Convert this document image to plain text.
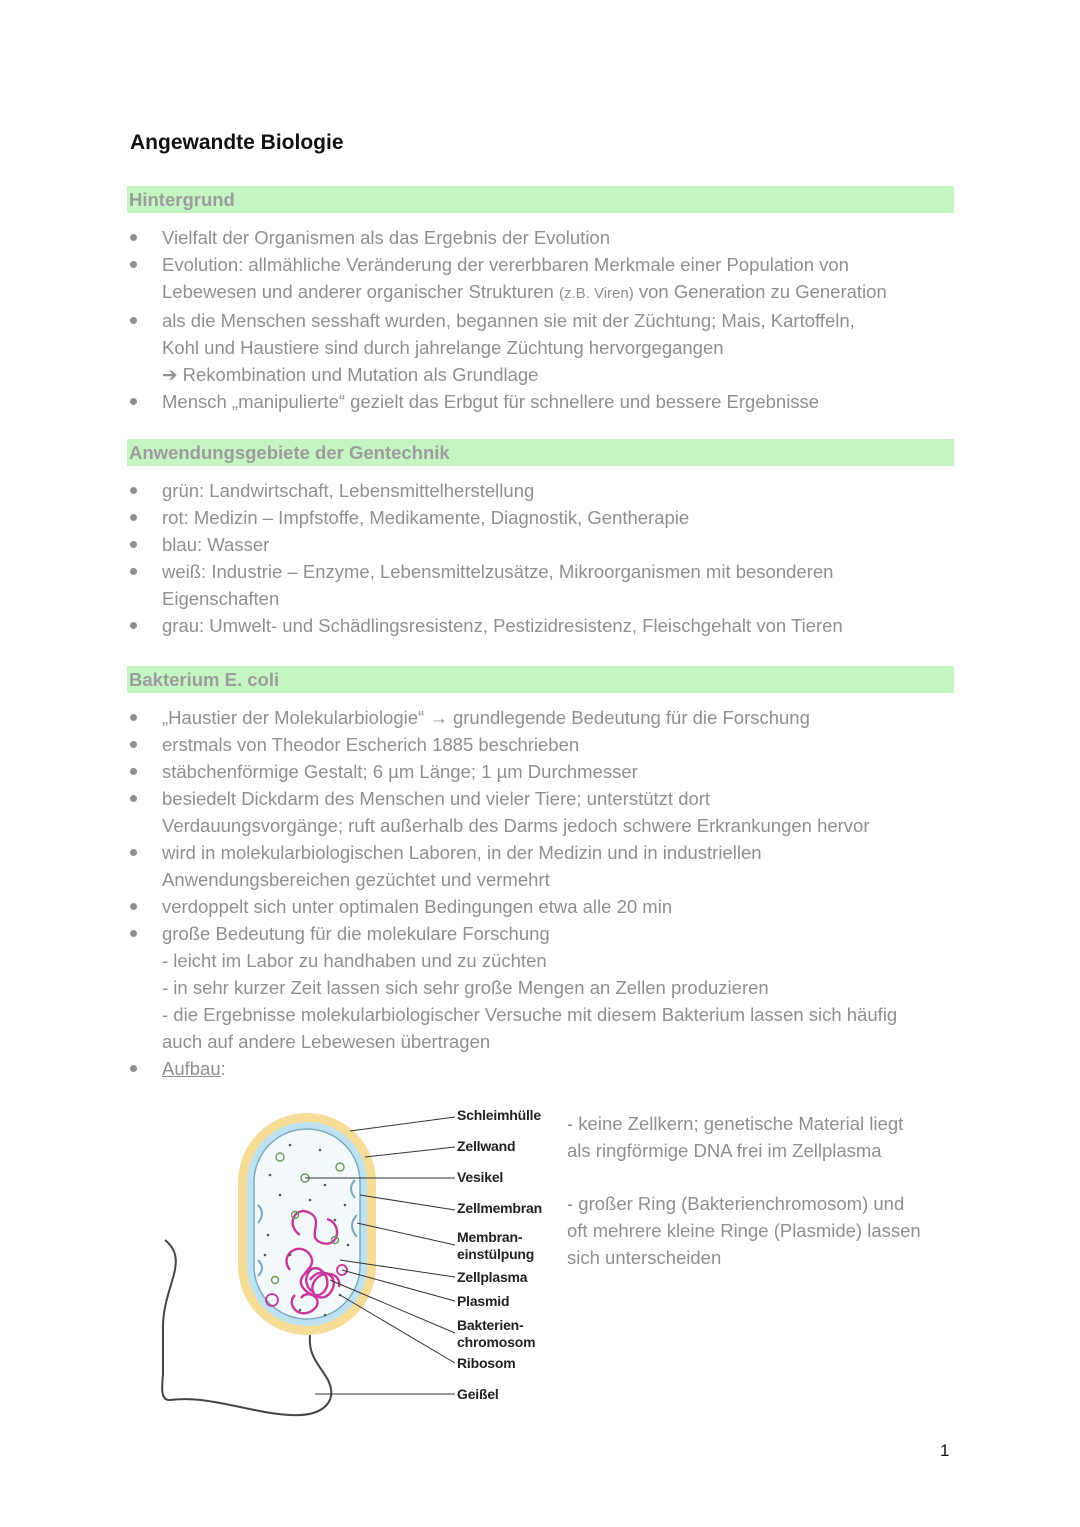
Angewandte Biologie
Hintergrund
Vielfalt der Organismen als das Ergebnis der Evolution
Evolution: allmähliche Veränderung der vererbbaren Merkmale einer Population von
Lebewesen und anderer organischer Strukturen (z.B. Viren) von Generation zu Generation
als die Menschen sesshaft wurden, begannen sie mit der Züchtung; Mais, Kartoffeln,
Kohl und Haustiere sind durch jahrelange Züchtung hervorgegangen
➔ Rekombination und Mutation als Grundlage
Mensch „manipulierte“ gezielt das Erbgut für schnellere und bessere Ergebnisse
Anwendungsgebiete der Gentechnik
grün: Landwirtschaft, Lebensmittelherstellung
rot: Medizin – Impfstoffe, Medikamente, Diagnostik, Gentherapie
blau: Wasser
weiß: Industrie – Enzyme, Lebensmittelzusätze, Mikroorganismen mit besonderen
Eigenschaften
grau: Umwelt- und Schädlingsresistenz, Pestizidresistenz, Fleischgehalt von Tieren
Bakterium E. coli
„Haustier der Molekularbiologie“ → grundlegende Bedeutung für die Forschung
erstmals von Theodor Escherich 1885 beschrieben
stäbchenförmige Gestalt; 6 µm Länge; 1 µm Durchmesser
besiedelt Dickdarm des Menschen und vieler Tiere; unterstützt dort
Verdauungsvorgänge; ruft außerhalb des Darms jedoch schwere Erkrankungen hervor
wird in molekularbiologischen Laboren, in der Medizin und in industriellen
Anwendungsbereichen gezüchtet und vermehrt
verdoppelt sich unter optimalen Bedingungen etwa alle 20 min
große Bedeutung für die molekulare Forschung
- leicht im Labor zu handhaben und zu züchten
- in sehr kurzer Zeit lassen sich sehr große Mengen an Zellen produzieren
- die Ergebnisse molekularbiologischer Versuche mit diesem Bakterium lassen sich häufig
auch auf andere Lebewesen übertragen
Aufbau:
Schleimhülle
Zellwand
Vesikel
Zellmembran
Membran-
einstülpung
Zellplasma
Plasmid
Bakterien-
chromosom
Ribosom
Geißel
- keine Zellkern; genetische Material liegt
als ringförmige DNA frei im Zellplasma
- großer Ring (Bakterienchromosom) und
oft mehrere kleine Ringe (Plasmide) lassen
sich unterscheiden
1
